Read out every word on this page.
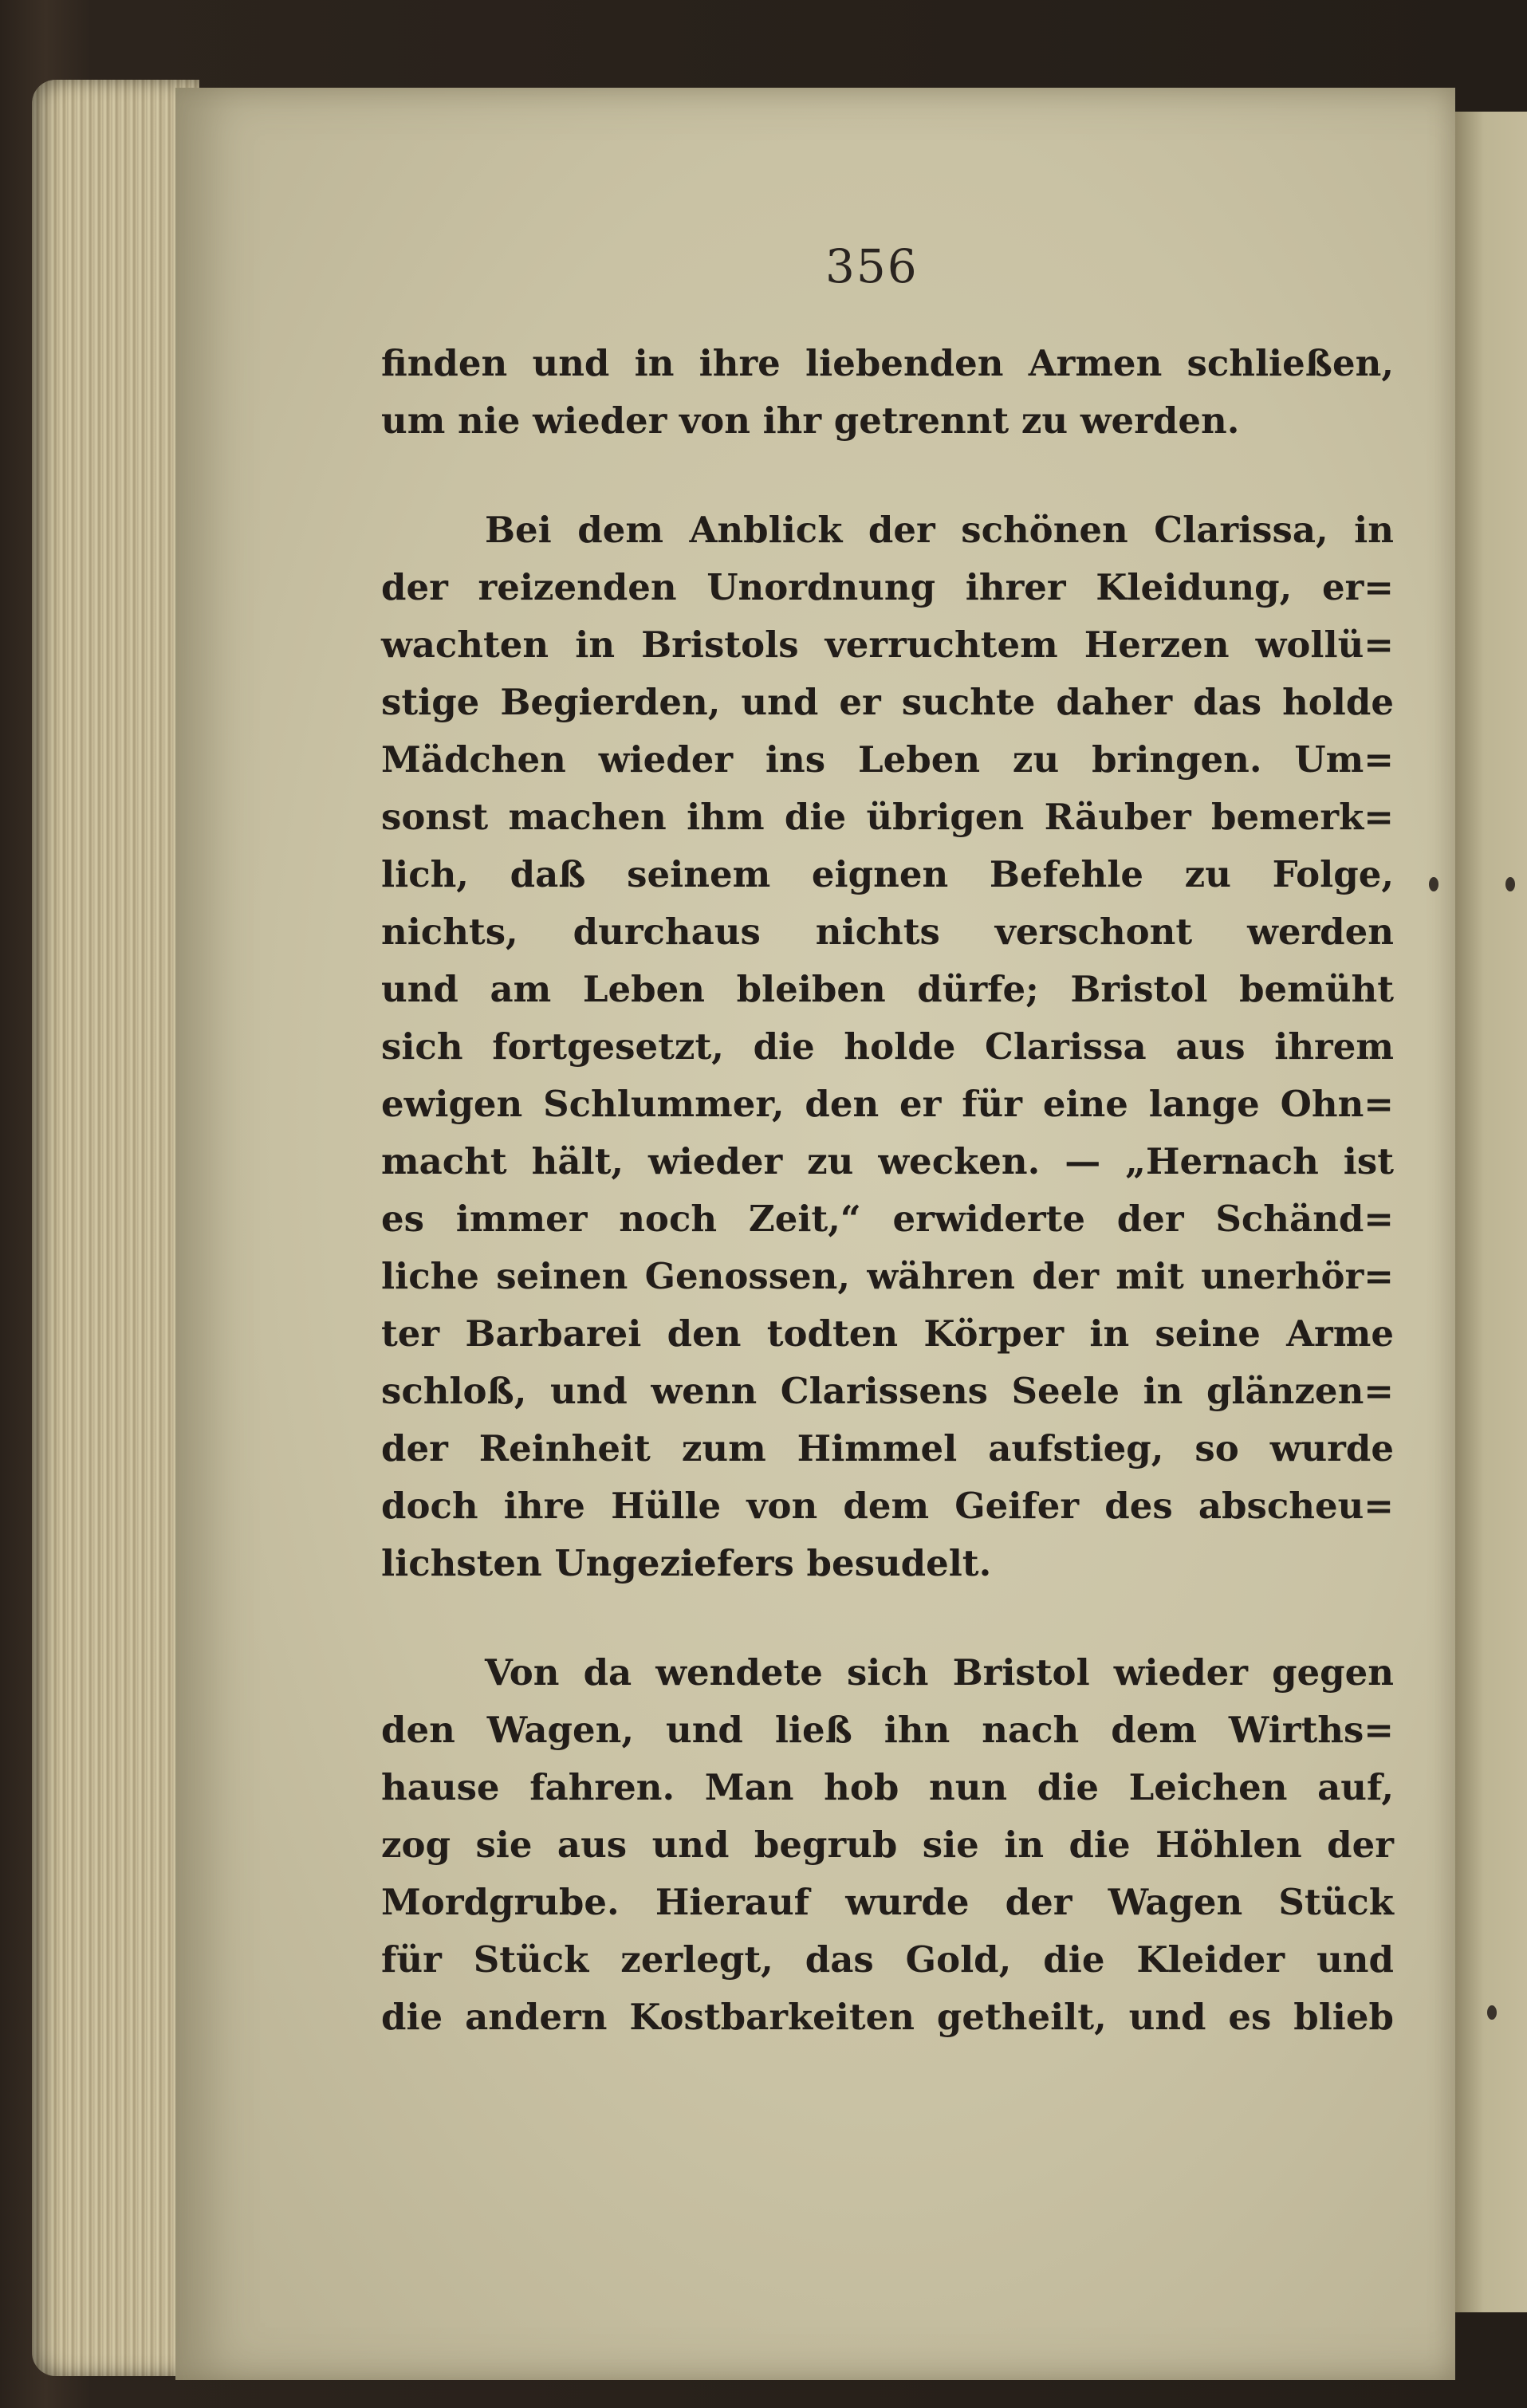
356
finden und in ihre liebenden Armen schließen,
um nie wieder von ihr getrennt zu werden.
Bei dem Anblick der schönen Clarissa, in
der reizenden Unordnung ihrer Kleidung, er=
wachten in Bristols verruchtem Herzen wollü=
stige Begierden, und er suchte daher das holde
Mädchen wieder ins Leben zu bringen. Um=
sonst machen ihm die übrigen Räuber bemerk=
lich, daß seinem eignen Befehle zu Folge,
nichts, durchaus nichts verschont werden
und am Leben bleiben dürfe; Bristol bemüht
sich fortgesetzt, die holde Clarissa aus ihrem
ewigen Schlummer, den er für eine lange Ohn=
macht hält, wieder zu wecken. — „Hernach ist
es immer noch Zeit,“ erwiderte der Schänd=
liche seinen Genossen, währen der mit unerhör=
ter Barbarei den todten Körper in seine Arme
schloß, und wenn Clarissens Seele in glänzen=
der Reinheit zum Himmel aufstieg, so wurde
doch ihre Hülle von dem Geifer des abscheu=
lichsten Ungeziefers besudelt.
Von da wendete sich Bristol wieder gegen
den Wagen, und ließ ihn nach dem Wirths=
hause fahren. Man hob nun die Leichen auf,
zog sie aus und begrub sie in die Höhlen der
Mordgrube. Hierauf wurde der Wagen Stück
für Stück zerlegt, das Gold, die Kleider und
die andern Kostbarkeiten getheilt, und es blieb
